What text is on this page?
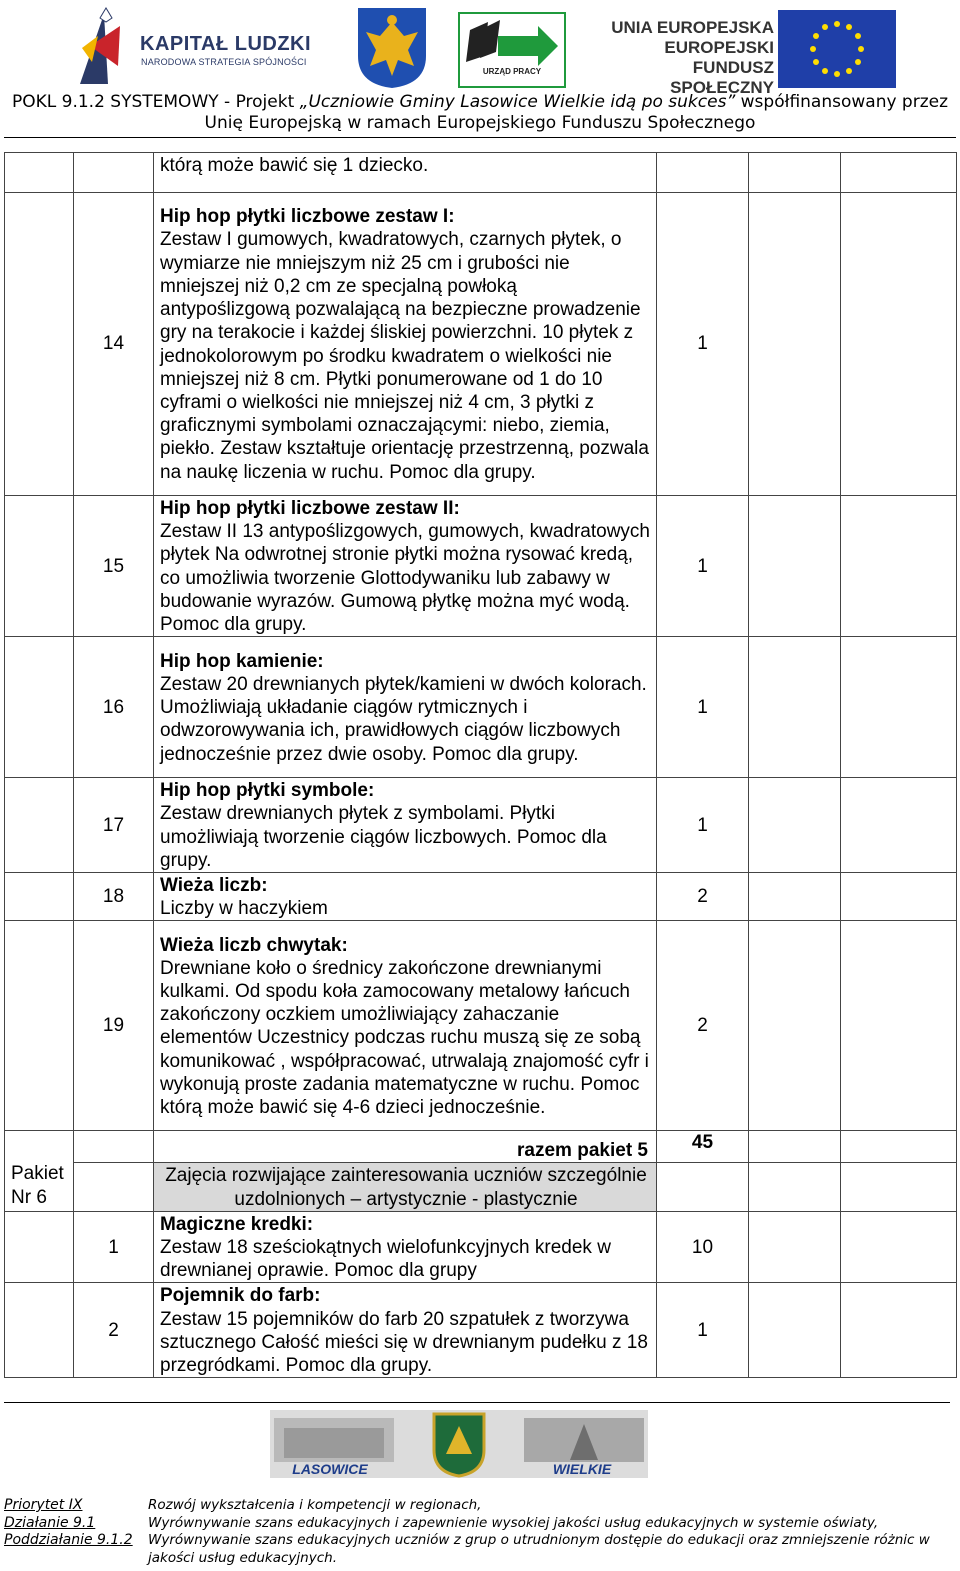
KAPITAŁ LUDZKI
NARODOWA STRATEGIA SPÓJNOŚCI
URZĄD PRACY
UNIA EUROPEJSKA
EUROPEJSKI
FUNDUSZ SPOŁECZNY
POKL 9.1.2 SYSTEMOWY - Projekt „Uczniowie Gminy Lasowice Wielkie idą po sukces” współfinansowany przez Unię Europejską w ramach Europejskiego Funduszu Społecznego
		którą może bawić się 1 dziecko.			
	14	Hip hop płytki liczbowe zestaw I:
Zestaw I gumowych, kwadratowych, czarnych płytek, o wymiarze nie mniejszym niż 25 cm i grubości nie mniejszej niż 0,2 cm ze specjalną powłoką antypoślizgową pozwalającą na bezpieczne prowadzenie gry na terakocie i każdej śliskiej powierzchni. 10 płytek z jednokolorowym po środku kwadratem o wielkości nie mniejszej niż 8 cm. Płytki ponumerowane od 1 do 10 cyframi o wielkości nie mniejszej niż 4 cm, 3 płytki z graficznymi symbolami oznaczającymi: niebo, ziemia, piekło. Zestaw kształtuje orientację przestrzenną, pozwala na naukę liczenia w ruchu. Pomoc dla grupy.	1		
	15	Hip hop płytki liczbowe zestaw II:
Zestaw II 13 antypoślizgowych, gumowych, kwadratowych płytek Na odwrotnej stronie płytki można rysować kredą, co umożliwia tworzenie Glottodywaniku lub zabawy w budowanie wyrazów. Gumową płytkę można myć wodą. Pomoc dla grupy.	1		
	16	Hip hop kamienie:
Zestaw 20 drewnianych płytek/kamieni w dwóch kolorach. Umożliwiają układanie ciągów rytmicznych i odwzorowywania ich, prawidłowych ciągów liczbowych jednocześnie przez dwie osoby. Pomoc dla grupy.	1		
	17	Hip hop płytki symbole:
Zestaw drewnianych płytek z symbolami. Płytki umożliwiają tworzenie ciągów liczbowych. Pomoc dla grupy.	1		
	18	Wieża liczb:
Liczby w haczykiem	2		
	19	Wieża liczb chwytak:
Drewniane koło o średnicy zakończone drewnianymi kulkami. Od spodu koła zamocowany metalowy łańcuch zakończony oczkiem umożliwiający zahaczanie elementów Uczestnicy podczas ruchu muszą się ze sobą komunikować , współpracować, utrwalają znajomość cyfr i wykonują proste zadania matematyczne w ruchu. Pomoc którą może bawić się 4-6 dzieci jednocześnie.	2		
Pakiet Nr 6		razem pakiet 5	45		
		Zajęcia rozwijające zainteresowania uczniów szczególnie uzdolnionych – artystycznie - plastycznie			
	1	Magiczne kredki:
Zestaw 18 sześciokątnych wielofunkcyjnych kredek w drewnianej oprawie. Pomoc dla grupy	10		
	2	Pojemnik do farb:
Zestaw 15 pojemników do farb 20 szpatułek z tworzywa sztucznego Całość mieści się w drewnianym pudełku z 18 przegródkami. Pomoc dla grupy.	1		
LASOWICE	WIELKIE
Priorytet IX
Działanie 9.1
Poddziałanie 9.1.2
Rozwój wykształcenia i kompetencji w regionach,
Wyrównywanie szans edukacyjnych i zapewnienie wysokiej jakości usług edukacyjnych w systemie oświaty,
Wyrównywanie szans edukacyjnych uczniów z grup o utrudnionym dostępie do edukacji oraz zmniejszenie różnic w jakości usług edukacyjnych.
